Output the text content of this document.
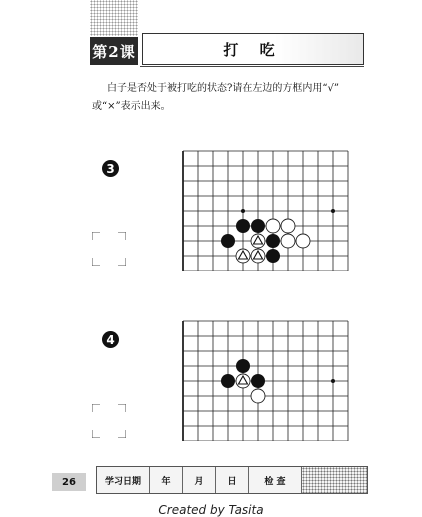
第2课	打 吃
白子是否处于被打吃的状态?请在左边的方框内用“√”
或“×”表示出来。
3
4
26	学习日期	年	月	日	检 查
Created by Tasita
